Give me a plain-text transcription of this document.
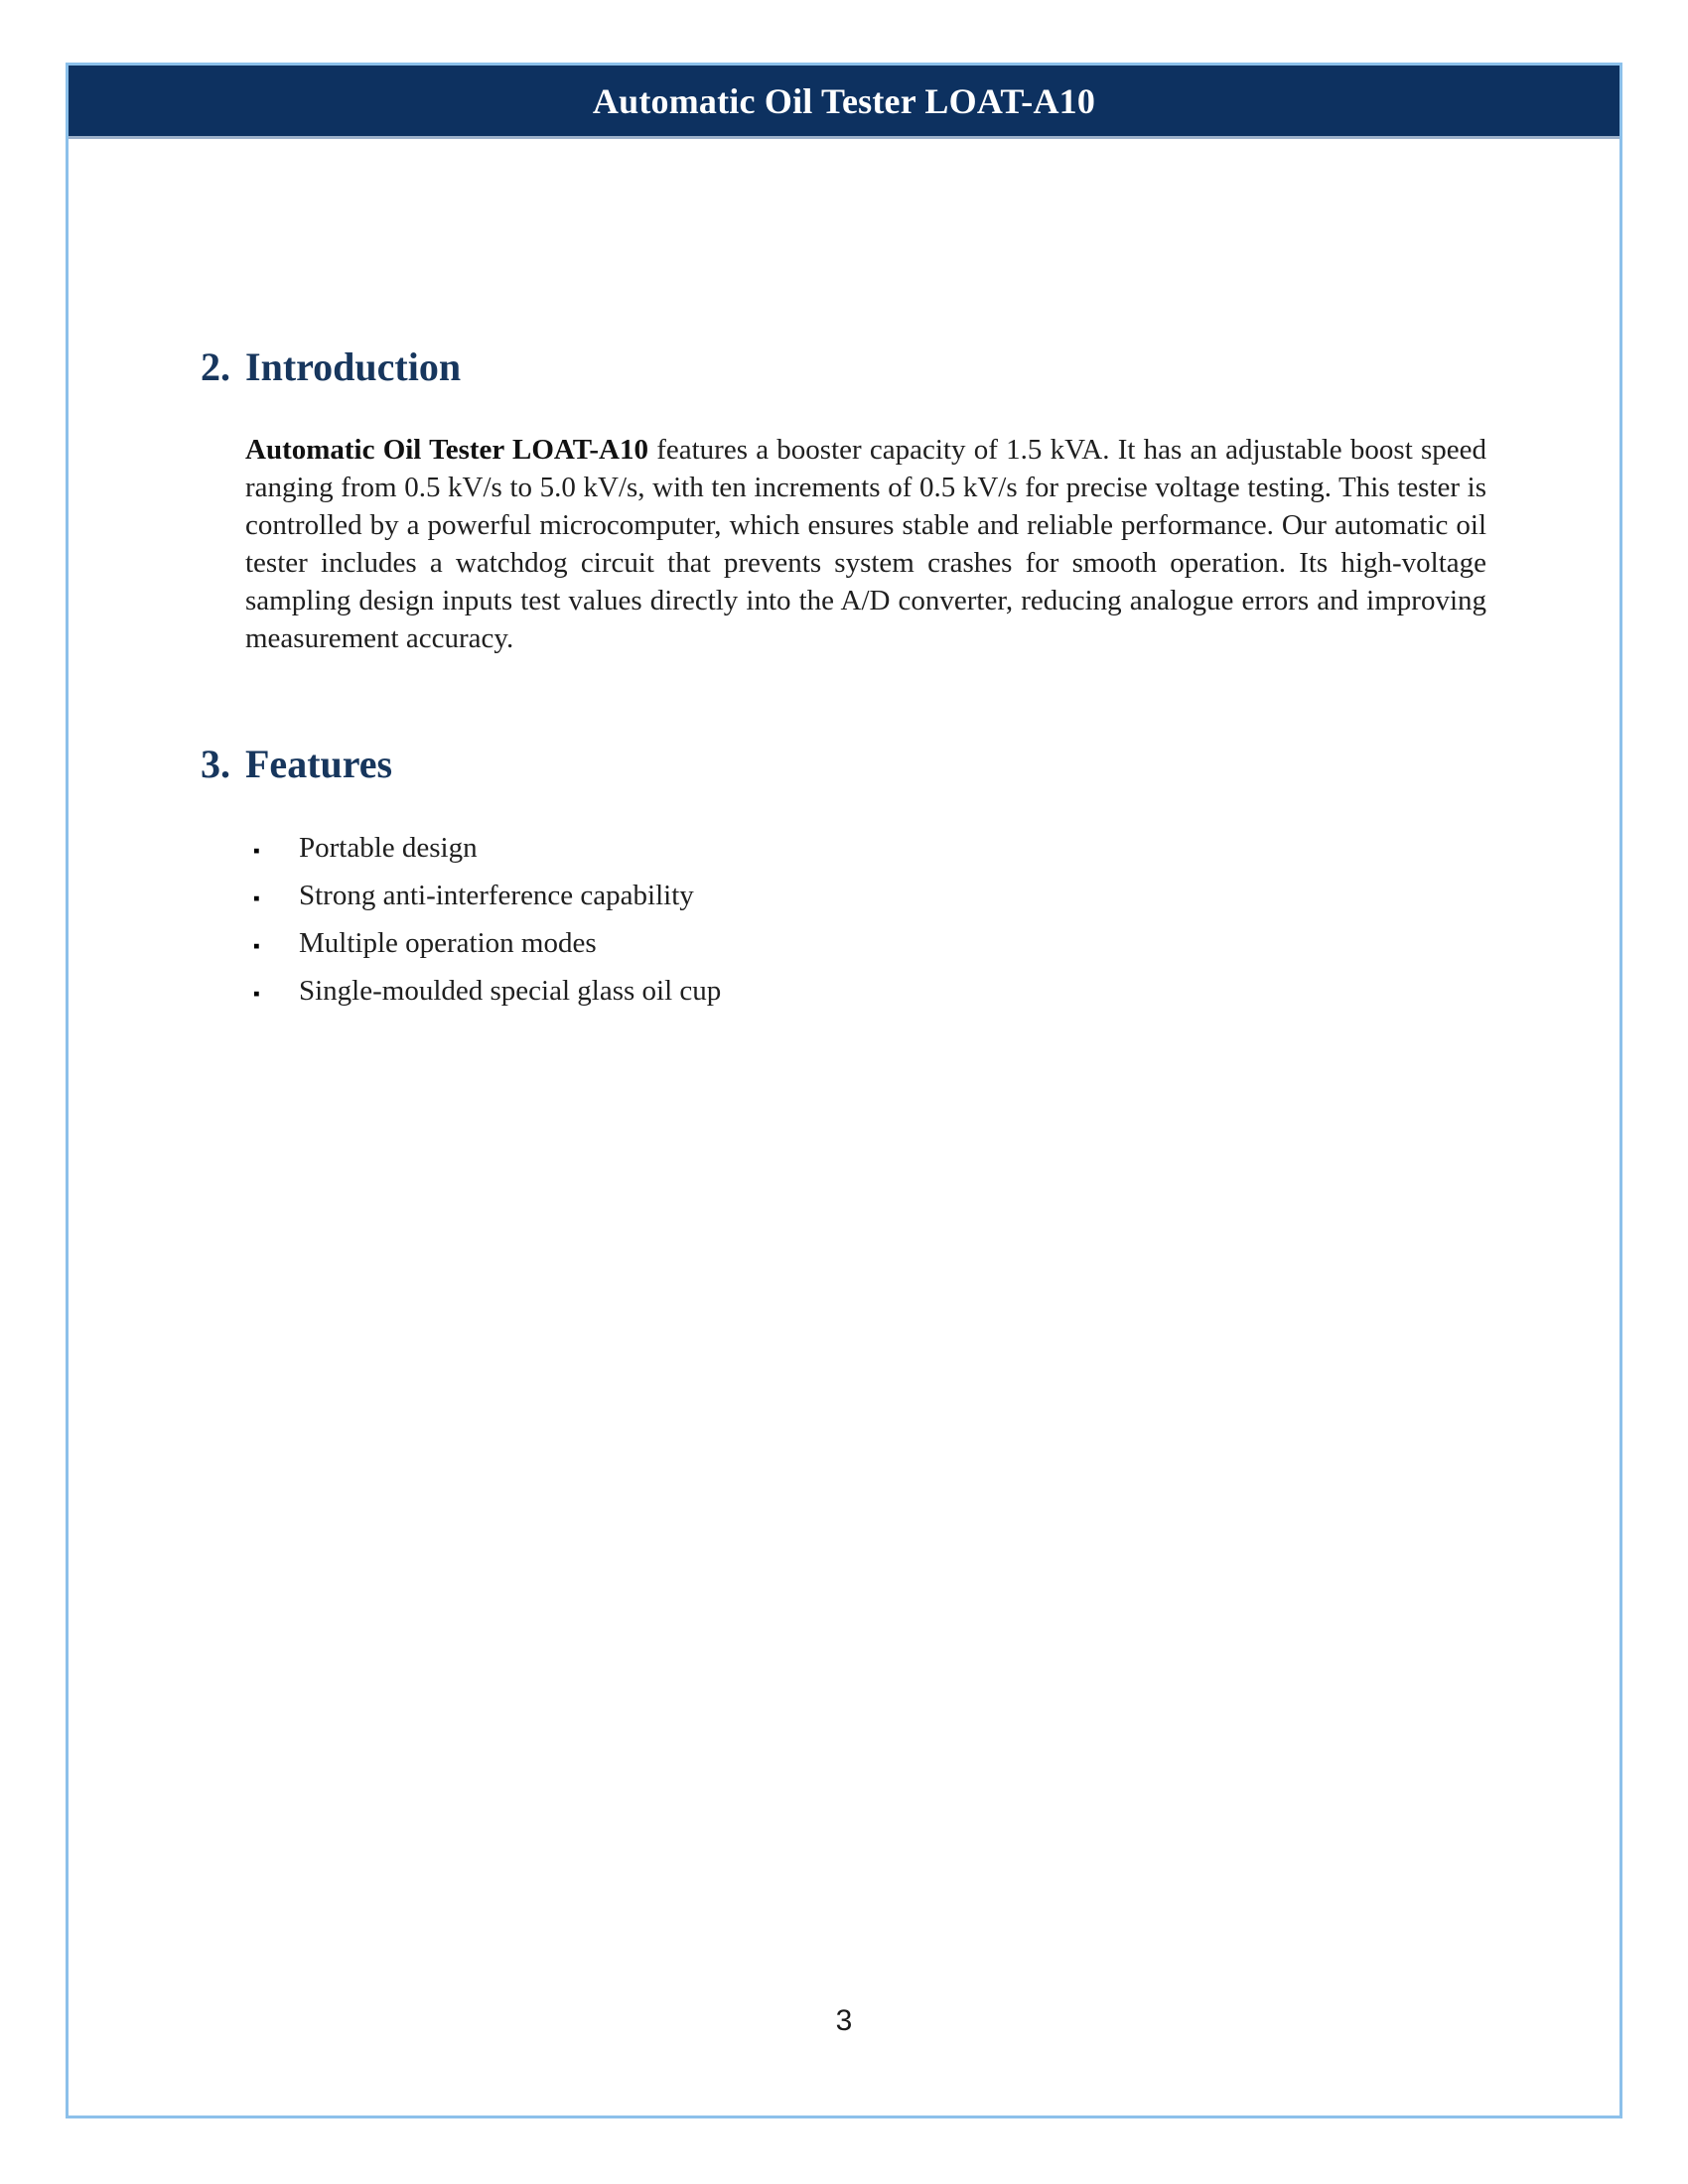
Automatic Oil Tester LOAT-A10
2. Introduction

Automatic Oil Tester LOAT-A10 features a booster capacity of 1.5 kVA. It has an adjustable boost speed ranging from 0.5 kV/s to 5.0 kV/s, with ten increments of 0.5 kV/s for precise voltage testing. This tester is controlled by a powerful microcomputer, which ensures stable and reliable performance. Our automatic oil tester includes a watchdog circuit that prevents system crashes for smooth operation. Its high-voltage sampling design inputs test values directly into the A/D converter, reducing analogue errors and improving measurement accuracy.

3. Features
▪	Portable design
▪	Strong anti-interference capability
▪	Multiple operation modes
▪	Single-moulded special glass oil cup
3
